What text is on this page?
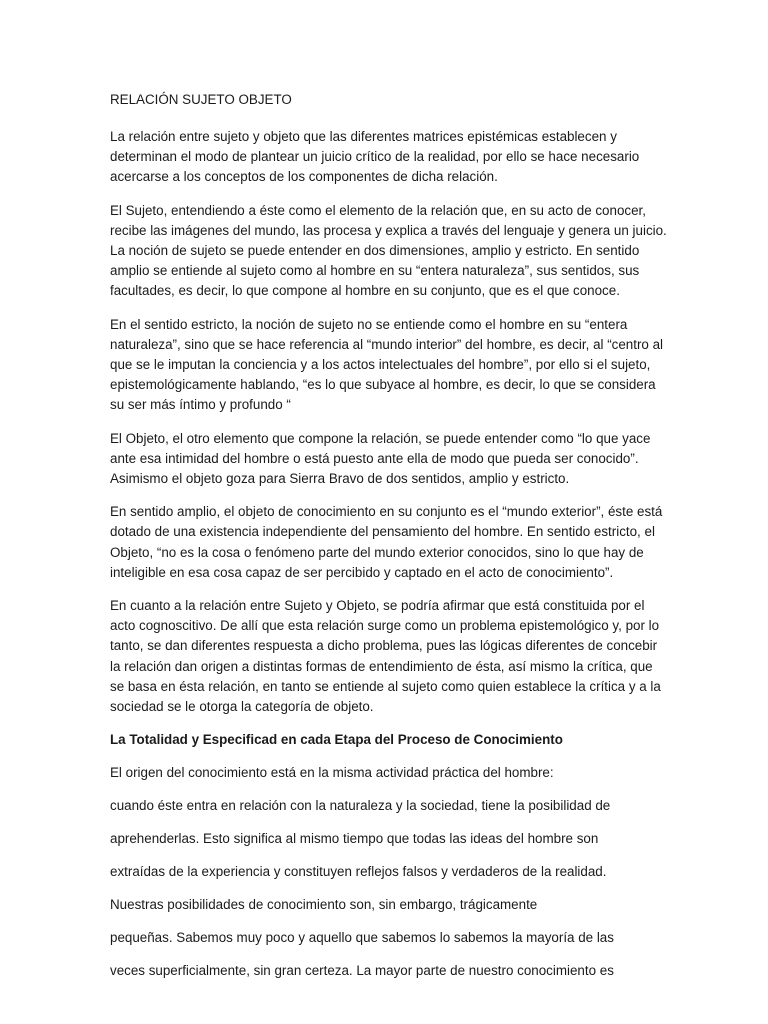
RELACIÓN SUJETO OBJETO

La relación entre sujeto y objeto que las diferentes matrices epistémicas establecen y determinan el modo de plantear un juicio crítico de la realidad, por ello se hace necesario acercarse a los conceptos de los componentes de dicha relación.

El Sujeto, entendiendo a éste como el elemento de la relación que, en su acto de conocer, recibe las imágenes del mundo, las procesa y explica a través del lenguaje y genera un juicio. La noción de sujeto se puede entender en dos dimensiones, amplio y estricto. En sentido amplio se entiende al sujeto como al hombre en su “entera naturaleza”, sus sentidos, sus facultades, es decir, lo que compone al hombre en su conjunto, que es el que conoce.

En el sentido estricto, la noción de sujeto no se entiende como el hombre en su “entera naturaleza”, sino que se hace referencia al “mundo interior” del hombre, es decir, al “centro al que se le imputan la conciencia y a los actos intelectuales del hombre”, por ello si el sujeto, epistemológicamente hablando, “es lo que subyace al hombre, es decir, lo que se considera su ser más íntimo y profundo “

El Objeto, el otro elemento que compone la relación, se puede entender como “lo que yace ante esa intimidad del hombre o está puesto ante ella de modo que pueda ser conocido”. Asimismo el objeto goza para Sierra Bravo de dos sentidos, amplio y estricto.

En sentido amplio, el objeto de conocimiento en su conjunto es el “mundo exterior”, éste está dotado de una existencia independiente del pensamiento del hombre. En sentido estricto, el Objeto, “no es la cosa o fenómeno parte del mundo exterior conocidos, sino lo que hay de inteligible en esa cosa capaz de ser percibido y captado en el acto de conocimiento”.

En cuanto a la relación entre Sujeto y Objeto, se podría afirmar que está constituida por el acto cognoscitivo. De allí que esta relación surge como un problema epistemológico y, por lo tanto, se dan diferentes respuesta a dicho problema, pues las lógicas diferentes de concebir la relación dan origen a distintas formas de entendimiento de ésta, así mismo la crítica, que se basa en ésta relación, en tanto se entiende al sujeto como quien establece la crítica y a la sociedad se le otorga la categoría de objeto.

La Totalidad y Especificad en cada Etapa del Proceso de Conocimiento
El origen del conocimiento está en la misma actividad práctica del hombre:
cuando éste entra en relación con la naturaleza y la sociedad, tiene la posibilidad de
aprehenderlas. Esto significa al mismo tiempo que todas las ideas del hombre son
extraídas de la experiencia y constituyen reflejos falsos y verdaderos de la realidad.
Nuestras posibilidades de conocimiento son, sin embargo, trágicamente
pequeñas. Sabemos muy poco y aquello que sabemos lo sabemos la mayoría de las
veces superficialmente, sin gran certeza. La mayor parte de nuestro conocimiento es
